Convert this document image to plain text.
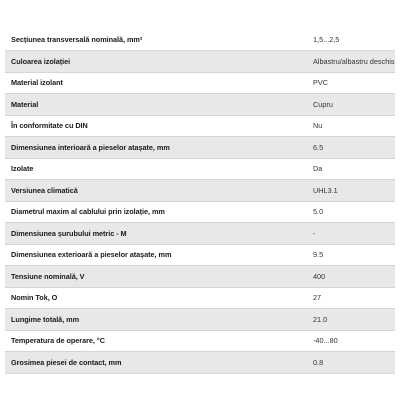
Secțiunea transversală nominală, mm²	1,5...2,5
Culoarea izolației	Albastru/albastru deschis
Material izolant	PVC
Material	Cupru
În conformitate cu DIN	Nu
Dimensiunea interioară a pieselor atașate, mm	6.5
Izolate	Da
Versiunea climatică	UHL3.1
Diametrul maxim al cablului prin izolație, mm	5.0
Dimensiunea șurubului metric - M	-
Dimensiunea exterioară a pieselor atașate, mm	9.5
Tensiune nominală, V	400
Nomin Tok, O	27
Lungime totală, mm	21.0
Temperatura de operare, °C	-40...80
Grosimea piesei de contact, mm	0.8
